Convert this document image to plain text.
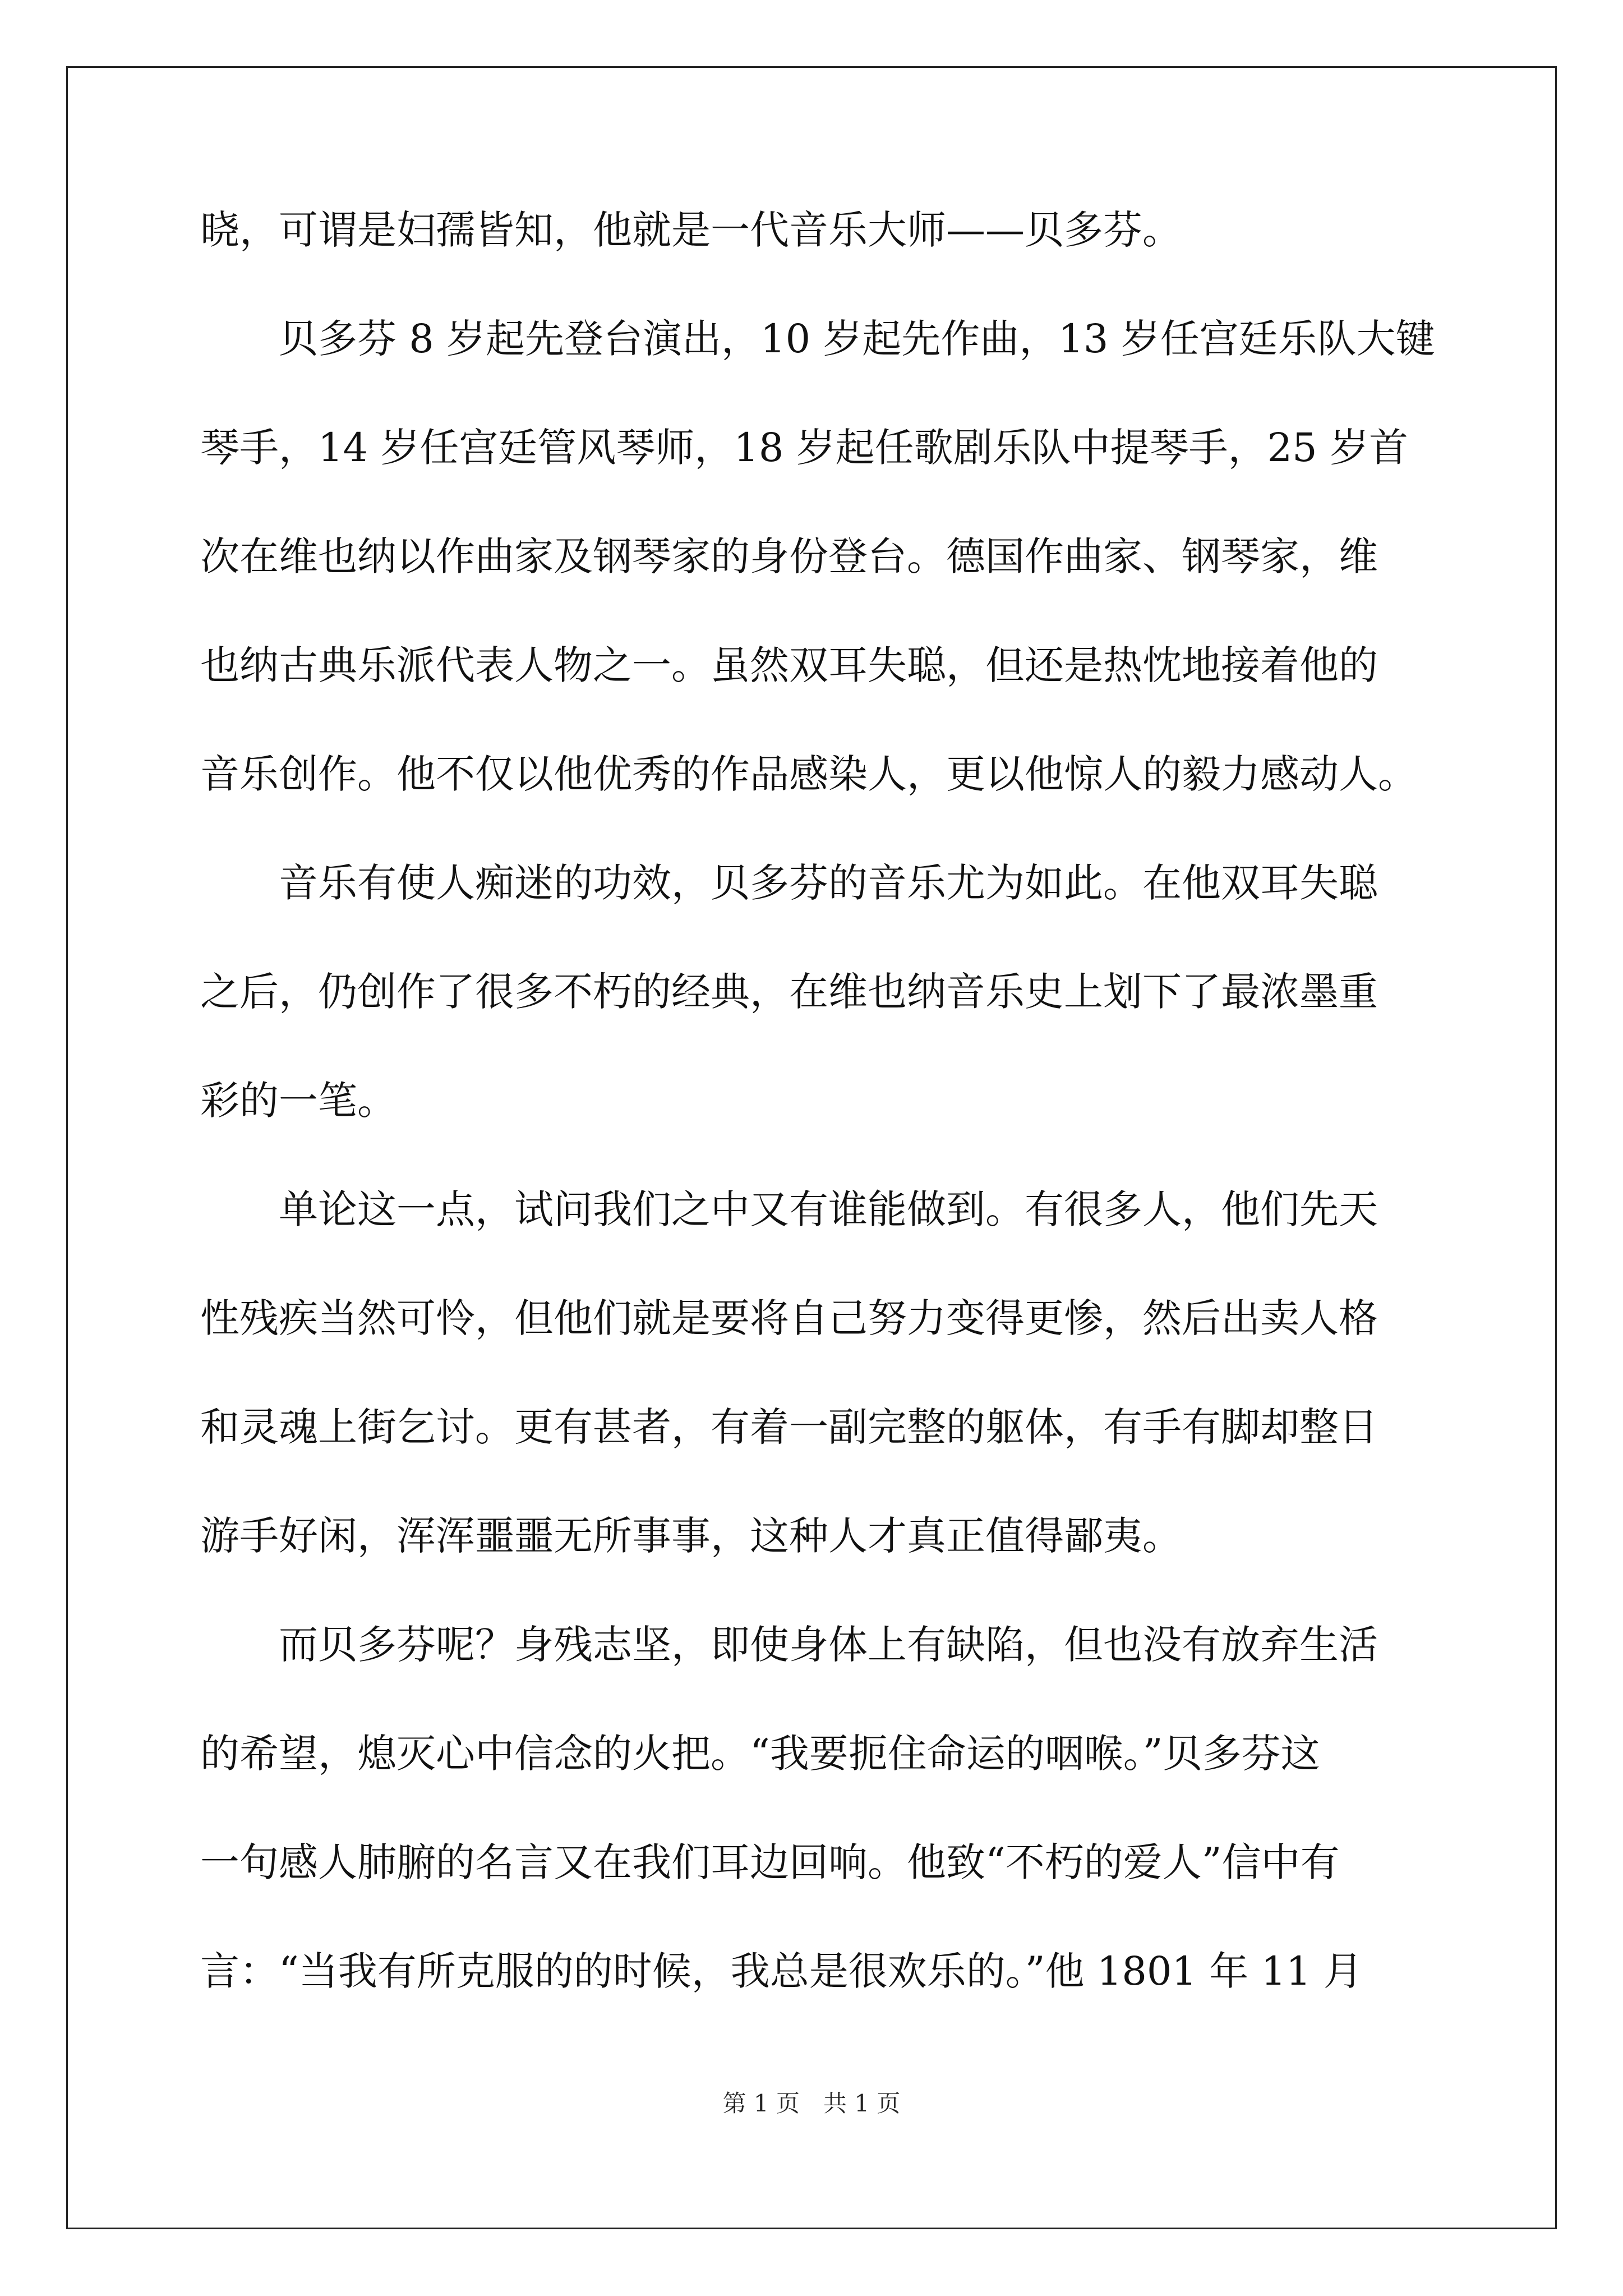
晓，可谓是妇孺皆知，他就是一代音乐大师——贝多芬。
　　贝多芬 8 岁起先登台演出，10 岁起先作曲，13 岁任宫廷乐队大键
琴手，14 岁任宫廷管风琴师，18 岁起任歌剧乐队中提琴手，25 岁首
次在维也纳以作曲家及钢琴家的身份登台。德国作曲家、钢琴家，维
也纳古典乐派代表人物之一。虽然双耳失聪，但还是热忱地接着他的
音乐创作。他不仅以他优秀的作品感染人，更以他惊人的毅力感动人。
　　音乐有使人痴迷的功效，贝多芬的音乐尤为如此。在他双耳失聪
之后，仍创作了很多不朽的经典，在维也纳音乐史上划下了最浓墨重
彩的一笔。
　　单论这一点，试问我们之中又有谁能做到。有很多人，他们先天
性残疾当然可怜，但他们就是要将自己努力变得更惨，然后出卖人格
和灵魂上街乞讨。更有甚者，有着一副完整的躯体，有手有脚却整日
游手好闲，浑浑噩噩无所事事，这种人才真正值得鄙夷。
　　而贝多芬呢？身残志坚，即使身体上有缺陷，但也没有放弃生活
的希望，熄灭心中信念的火把。“我要扼住命运的咽喉。”贝多芬这
一句感人肺腑的名言又在我们耳边回响。他致“不朽的爱人”信中有
言：“当我有所克服的的时候，我总是很欢乐的。”他 1801 年 11 月
第 1 页　共 1 页
